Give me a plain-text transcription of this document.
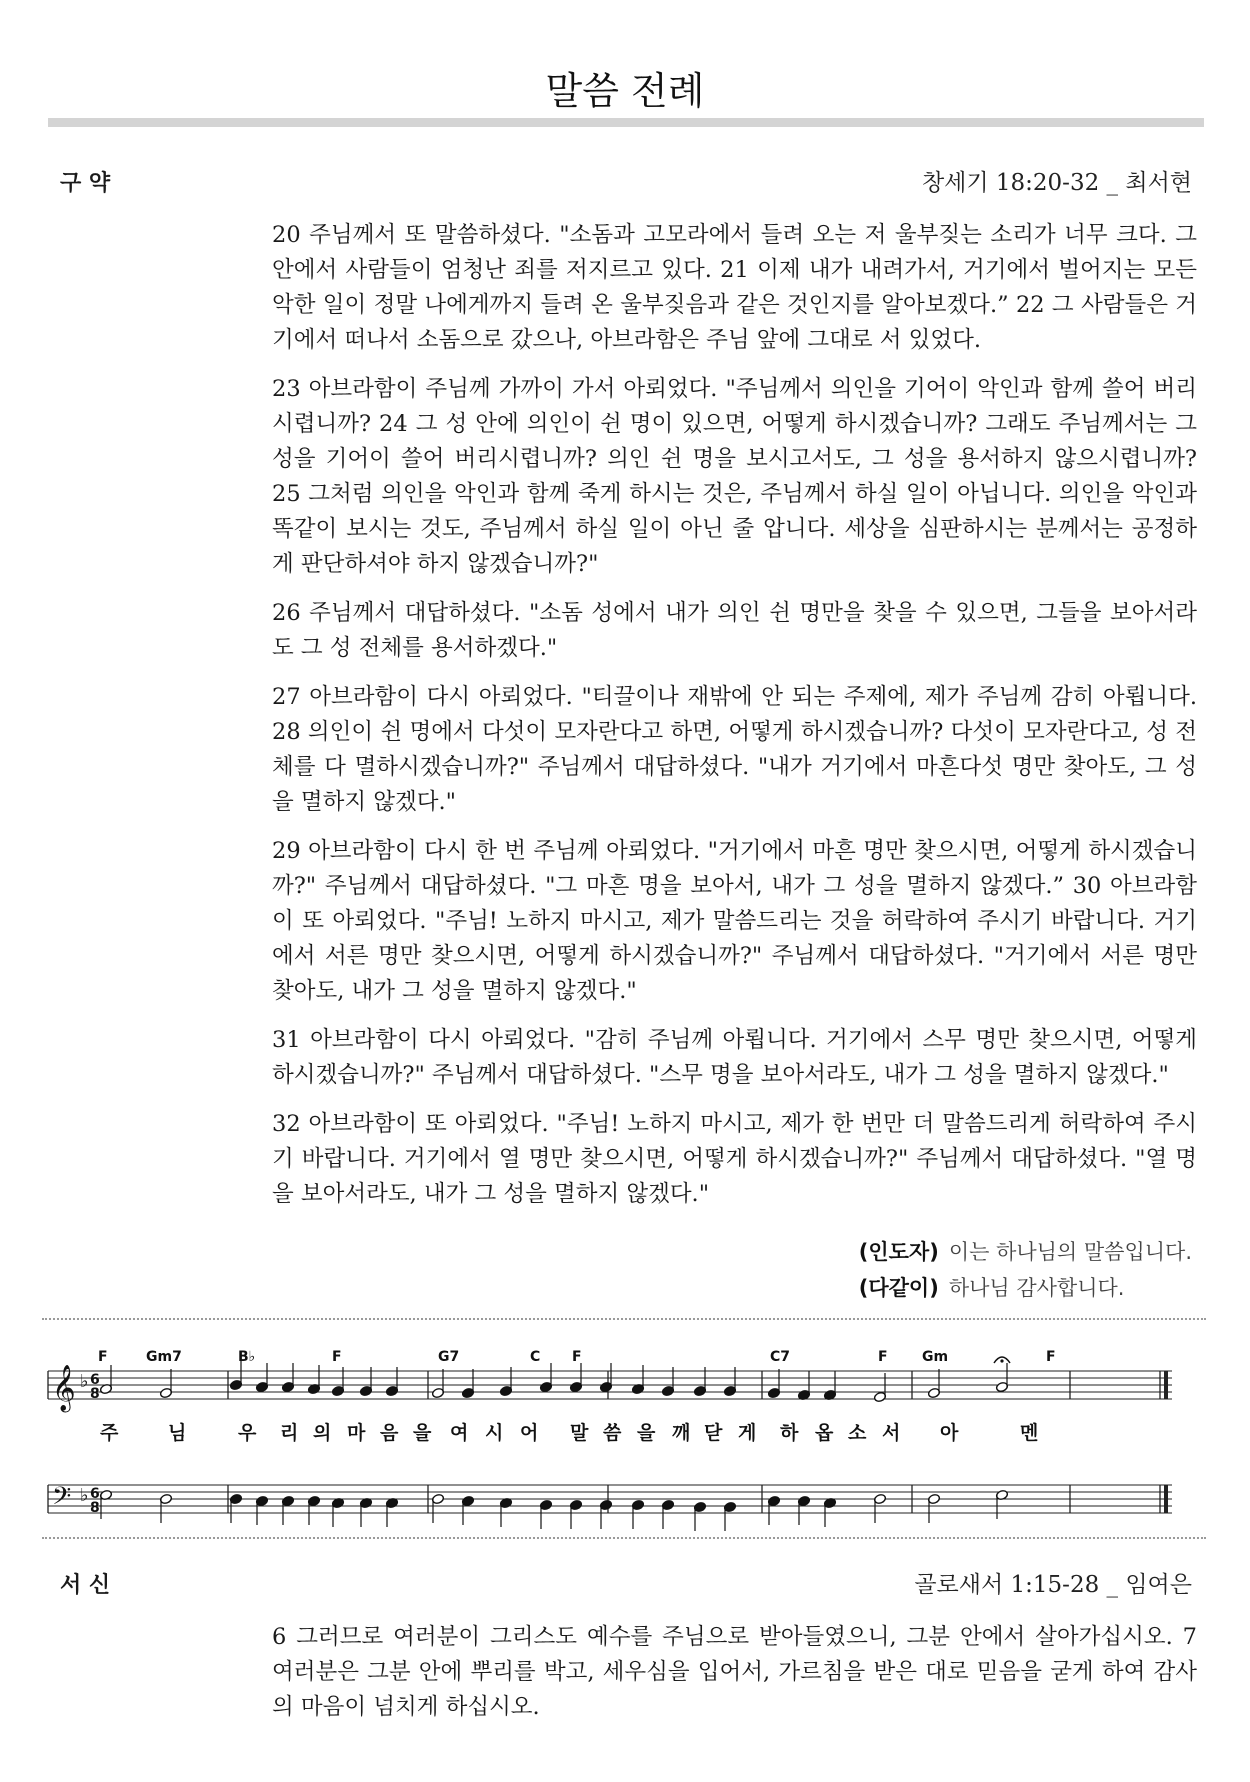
말씀 전례
구 약	창세기 18:20-32 _ 최서현

20 주님께서 또 말씀하셨다. "소돔과 고모라에서 들려 오는 저 울부짖는 소리가 너무 크다. 그 안에서 사람들이 엄청난 죄를 저지르고 있다. 21 이제 내가 내려가서, 거기에서 벌어지는 모든 악한 일이 정말 나에게까지 들려 온 울부짖음과 같은 것인지를 알아보겠다.” 22 그 사람들은 거기에서 떠나서 소돔으로 갔으나, 아브라함은 주님 앞에 그대로 서 있었다.

23 아브라함이 주님께 가까이 가서 아뢰었다. "주님께서 의인을 기어이 악인과 함께 쓸어 버리시렵니까? 24 그 성 안에 의인이 쉰 명이 있으면, 어떻게 하시겠습니까? 그래도 주님께서는 그 성을 기어이 쓸어 버리시렵니까? 의인 쉰 명을 보시고서도, 그 성을 용서하지 않으시렵니까? 25 그처럼 의인을 악인과 함께 죽게 하시는 것은, 주님께서 하실 일이 아닙니다. 의인을 악인과 똑같이 보시는 것도, 주님께서 하실 일이 아닌 줄 압니다. 세상을 심판하시는 분께서는 공정하게 판단하셔야 하지 않겠습니까?"

26 주님께서 대답하셨다. "소돔 성에서 내가 의인 쉰 명만을 찾을 수 있으면, 그들을 보아서라도 그 성 전체를 용서하겠다."

27 아브라함이 다시 아뢰었다. "티끌이나 재밖에 안 되는 주제에, 제가 주님께 감히 아룁니다. 28 의인이 쉰 명에서 다섯이 모자란다고 하면, 어떻게 하시겠습니까? 다섯이 모자란다고, 성 전체를 다 멸하시겠습니까?" 주님께서 대답하셨다. "내가 거기에서 마흔다섯 명만 찾아도, 그 성을 멸하지 않겠다."

29 아브라함이 다시 한 번 주님께 아뢰었다. "거기에서 마흔 명만 찾으시면, 어떻게 하시겠습니까?" 주님께서 대답하셨다. "그 마흔 명을 보아서, 내가 그 성을 멸하지 않겠다.” 30 아브라함이 또 아뢰었다. "주님! 노하지 마시고, 제가 말씀드리는 것을 허락하여 주시기 바랍니다. 거기에서 서른 명만 찾으시면, 어떻게 하시겠습니까?" 주님께서 대답하셨다. "거기에서 서른 명만 찾아도, 내가 그 성을 멸하지 않겠다."

31 아브라함이 다시 아뢰었다. "감히 주님께 아룁니다. 거기에서 스무 명만 찾으시면, 어떻게 하시겠습니까?" 주님께서 대답하셨다. "스무 명을 보아서라도, 내가 그 성을 멸하지 않겠다."

32 아브라함이 또 아뢰었다. "주님! 노하지 마시고, 제가 한 번만 더 말씀드리게 허락하여 주시기 바랍니다. 거기에서 열 명만 찾으시면, 어떻게 하시겠습니까?" 주님께서 대답하셨다. "열 명을 보아서라도, 내가 그 성을 멸하지 않겠다."

(인도자) 이는 하나님의 말씀입니다.
(다같이) 하나님 감사합니다.
𝄞
𝄢
♭ 6
8
♭ 6
8
F	Gm7	B♭	F	G7	C F	C7	F Gm	F
주	님	우 리 의 마 음 을 여 시 어 말 씀 을 깨 닫 게 하 옵 소 서 아	멘
서 신	골로새서 1:15-28 _ 임여은

6 그러므로 여러분이 그리스도 예수를 주님으로 받아들였으니, 그분 안에서 살아가십시오. 7 여러분은 그분 안에 뿌리를 박고, 세우심을 입어서, 가르침을 받은 대로 믿음을 굳게 하여 감사의 마음이 넘치게 하십시오.
